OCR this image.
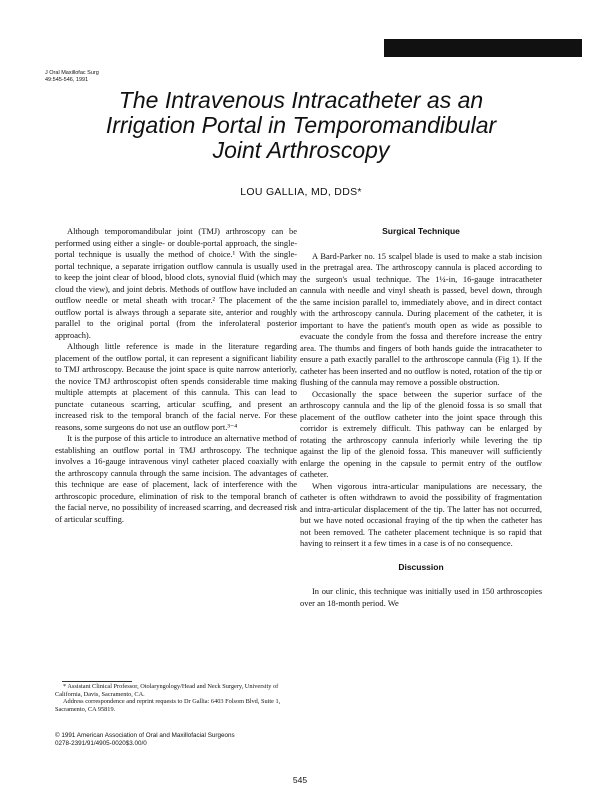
J Oral Maxillofac Surg
49:545-546, 1991
The Intravenous Intracatheter as an
Irrigation Portal in Temporomandibular
Joint Arthroscopy
LOU GALLIA, MD, DDS*

Although temporomandibular joint (TMJ) arthroscopy can be performed using either a single- or double-portal approach, the single-portal technique is usually the method of choice.¹ With the single-portal technique, a separate irrigation outflow cannula is usually used to keep the joint clear of blood, blood clots, synovial fluid (which may cloud the view), and joint debris. Methods of outflow have included an outflow needle or metal sheath with trocar.² The placement of the outflow portal is always through a separate site, anterior and roughly parallel to the original portal (from the inferolateral posterior approach).

Although little reference is made in the literature regarding placement of the outflow portal, it can represent a significant liability to TMJ arthroscopy. Because the joint space is quite narrow anteriorly, the novice TMJ arthroscopist often spends considerable time making multiple attempts at placement of this cannula. This can lead to punctate cutaneous scarring, articular scuffing, and present an increased risk to the temporal branch of the facial nerve. For these reasons, some surgeons do not use an outflow port.³⁻⁴

It is the purpose of this article to introduce an alternative method of establishing an outflow portal in TMJ arthroscopy. The technique involves a 16-gauge intravenous vinyl catheter placed coaxially with the arthroscopy cannula through the same incision. The advantages of this technique are ease of placement, lack of interference with the arthroscopic procedure, elimination of risk to the temporal branch of the facial nerve, no possibility of increased scarring, and decreased risk of articular scuffing.

Surgical Technique

A Bard-Parker no. 15 scalpel blade is used to make a stab incision in the pretragal area. The arthroscopy cannula is placed according to the surgeon's usual technique. The 1¼-in, 16-gauge intracatheter cannula with needle and vinyl sheath is passed, bevel down, through the same incision parallel to, immediately above, and in direct contact with the arthroscopy cannula. During placement of the catheter, it is important to have the patient's mouth open as wide as possible to evacuate the condyle from the fossa and therefore increase the entry area. The thumbs and fingers of both hands guide the intracatheter to ensure a path exactly parallel to the arthroscope cannula (Fig 1). If the catheter has been inserted and no outflow is noted, rotation of the tip or flushing of the cannula may remove a possible obstruction.

Occasionally the space between the superior surface of the arthroscopy cannula and the lip of the glenoid fossa is so small that placement of the outflow catheter into the joint space through this corridor is extremely difficult. This pathway can be enlarged by rotating the arthroscopy cannula inferiorly while levering the tip against the lip of the glenoid fossa. This maneuver will sufficiently enlarge the opening in the capsule to permit entry of the outflow catheter.

When vigorous intra-articular manipulations are necessary, the catheter is often withdrawn to avoid the possibility of fragmentation and intra-articular displacement of the tip. The latter has not occurred, but we have noted occasional fraying of the tip when the catheter has not been removed. The catheter placement technique is so rapid that having to reinsert it a few times in a case is of no consequence.

Discussion

In our clinic, this technique was initially used in 150 arthroscopies over an 18-month period. We

* Assistant Clinical Professor, Otolaryngology/Head and Neck Surgery, University of California, Davis, Sacramento, CA.

Address correspondence and reprint requests to Dr Gallia: 6403 Folsom Blvd, Suite 1, Sacramento, CA 95819.

© 1991 American Association of Oral and Maxillofacial Surgeons
0278-2391/91/4905-0020$3.00/0
545
